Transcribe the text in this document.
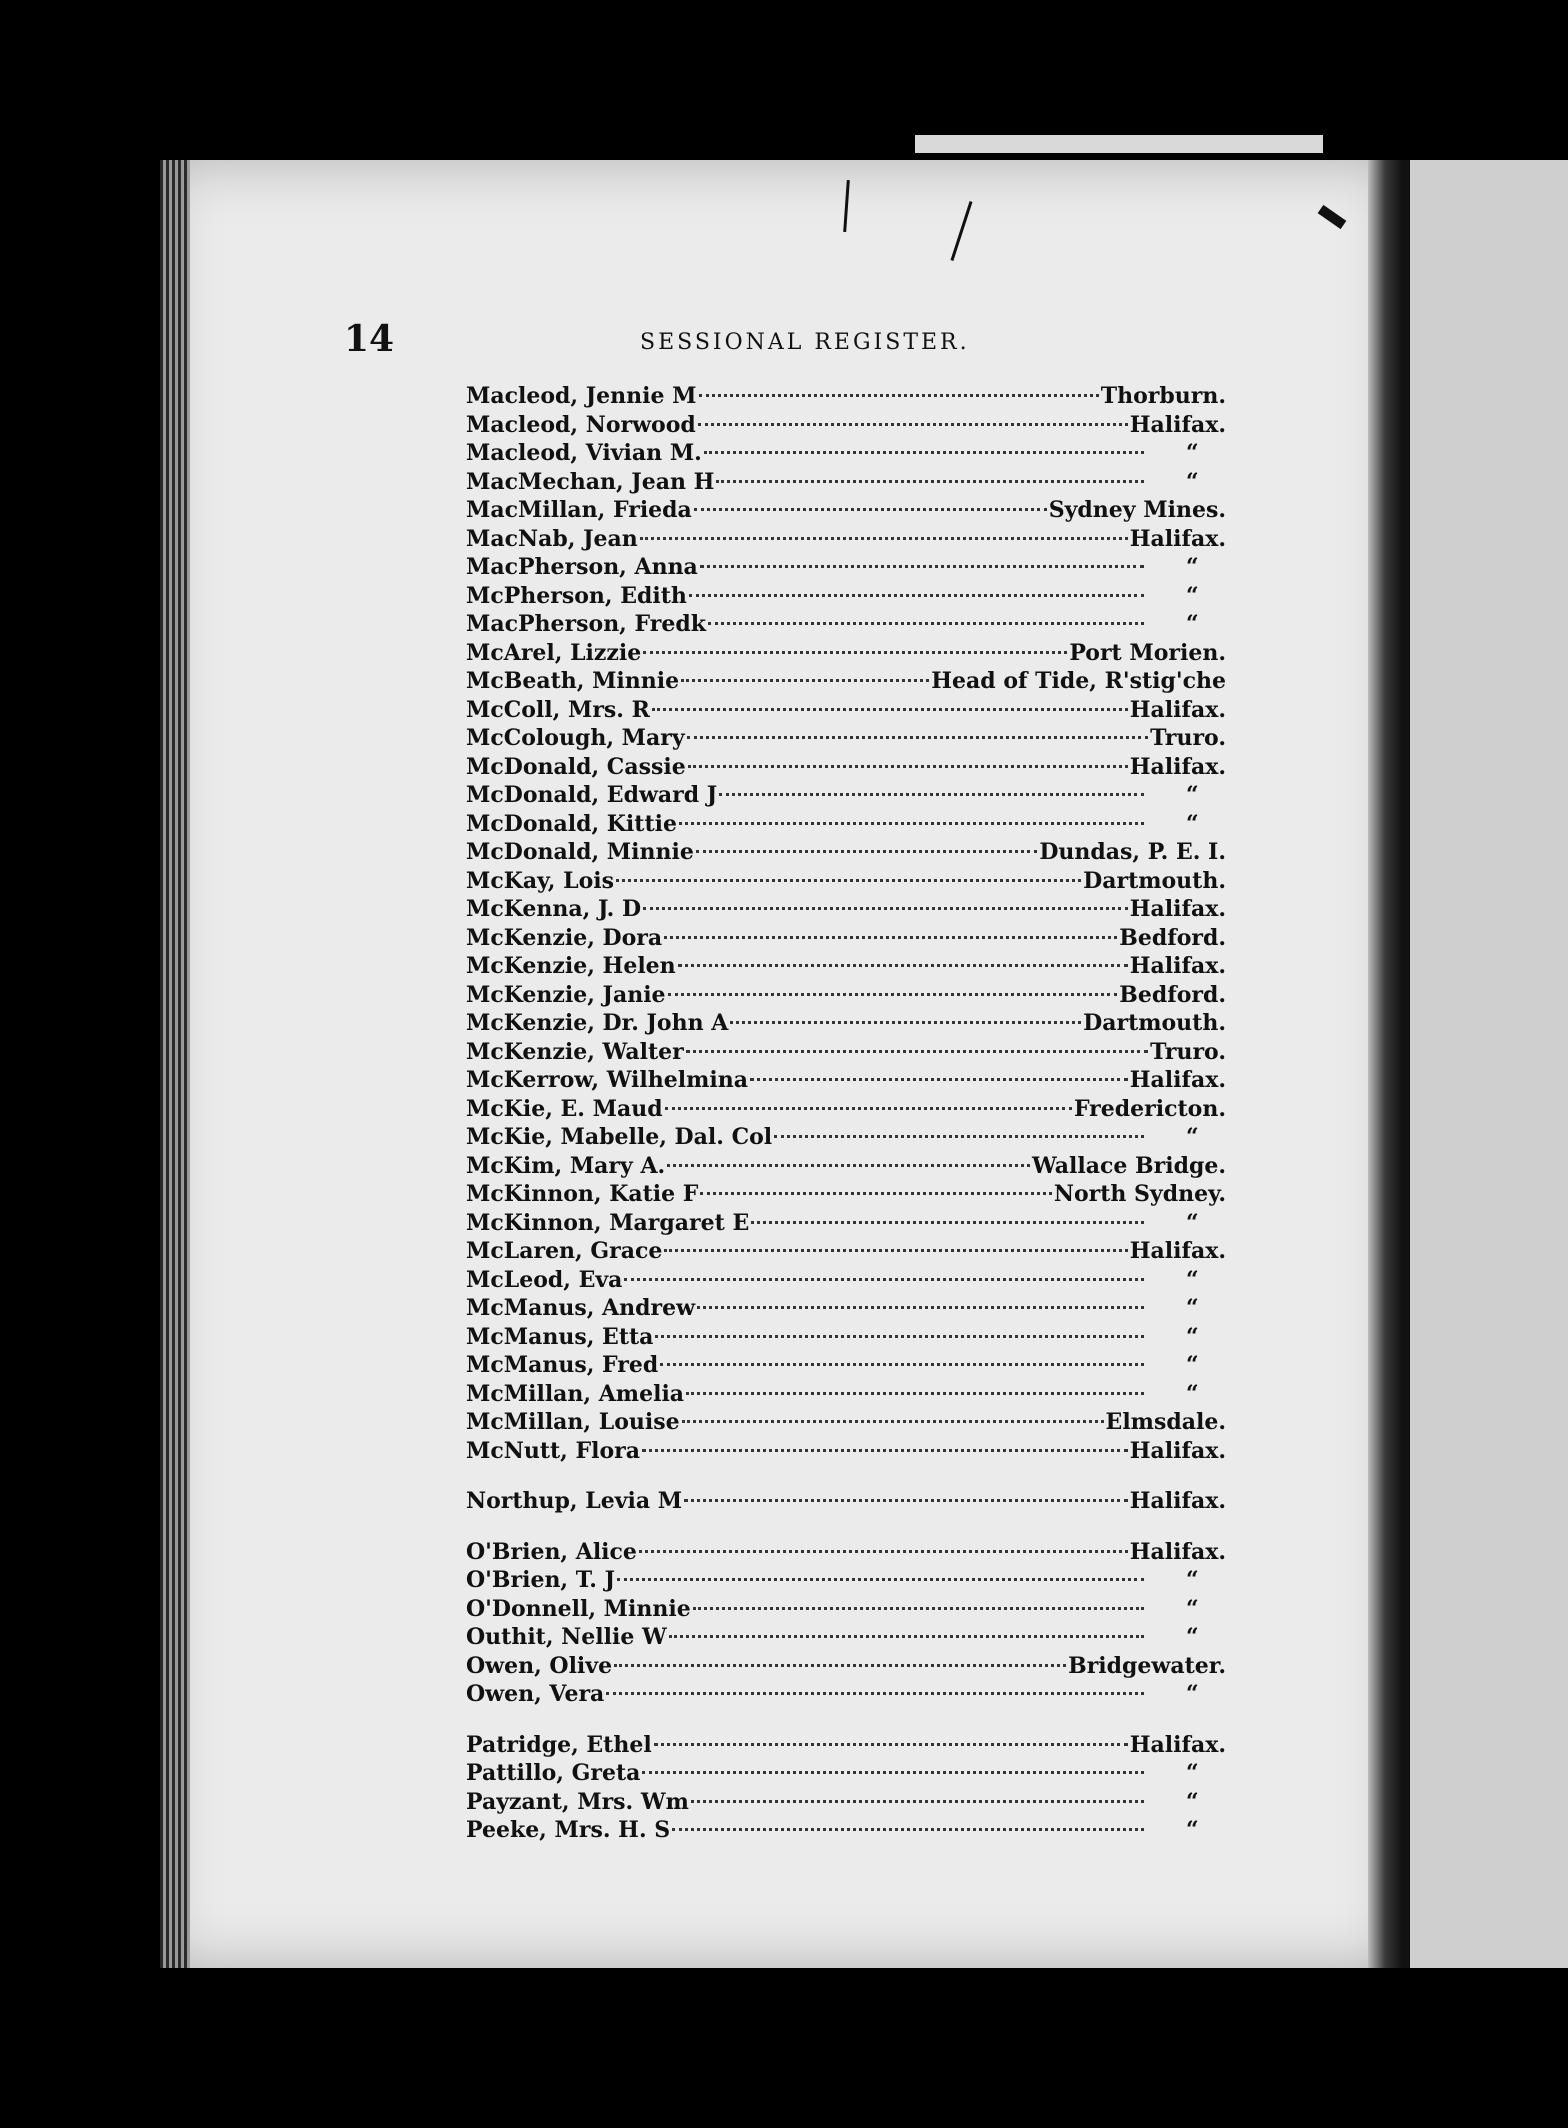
14	SESSIONAL REGISTER.
Macleod, Jennie M	Thorburn.
Macleod, Norwood	Halifax.
Macleod, Vivian M.	“
MacMechan, Jean H	“
MacMillan, Frieda	Sydney Mines.
MacNab, Jean	Halifax.
MacPherson, Anna	“
McPherson, Edith	“
MacPherson, Fredk	“
McArel, Lizzie	Port Morien.
McBeath, Minnie	Head of Tide, R'stig'che
McColl, Mrs. R	Halifax.
McColough, Mary	Truro.
McDonald, Cassie	Halifax.
McDonald, Edward J	“
McDonald, Kittie	“
McDonald, Minnie	Dundas, P. E. I.
McKay, Lois	Dartmouth.
McKenna, J. D	Halifax.
McKenzie, Dora	Bedford.
McKenzie, Helen	Halifax.
McKenzie, Janie	Bedford.
McKenzie, Dr. John A	Dartmouth.
McKenzie, Walter	Truro.
McKerrow, Wilhelmina	Halifax.
McKie, E. Maud	Fredericton.
McKie, Mabelle, Dal. Col	“
McKim, Mary A.	Wallace Bridge.
McKinnon, Katie F	North Sydney.
McKinnon, Margaret E	“
McLaren, Grace	Halifax.
McLeod, Eva	“
McManus, Andrew	“
McManus, Etta	“
McManus, Fred	“
McMillan, Amelia	“
McMillan, Louise	Elmsdale.
McNutt, Flora	Halifax.
Northup, Levia M	Halifax.
O'Brien, Alice	Halifax.
O'Brien, T. J	“
O'Donnell, Minnie	“
Outhit, Nellie W	“
Owen, Olive	Bridgewater.
Owen, Vera	“
Patridge, Ethel	Halifax.
Pattillo, Greta	“
Payzant, Mrs. Wm	“
Peeke, Mrs. H. S	“
